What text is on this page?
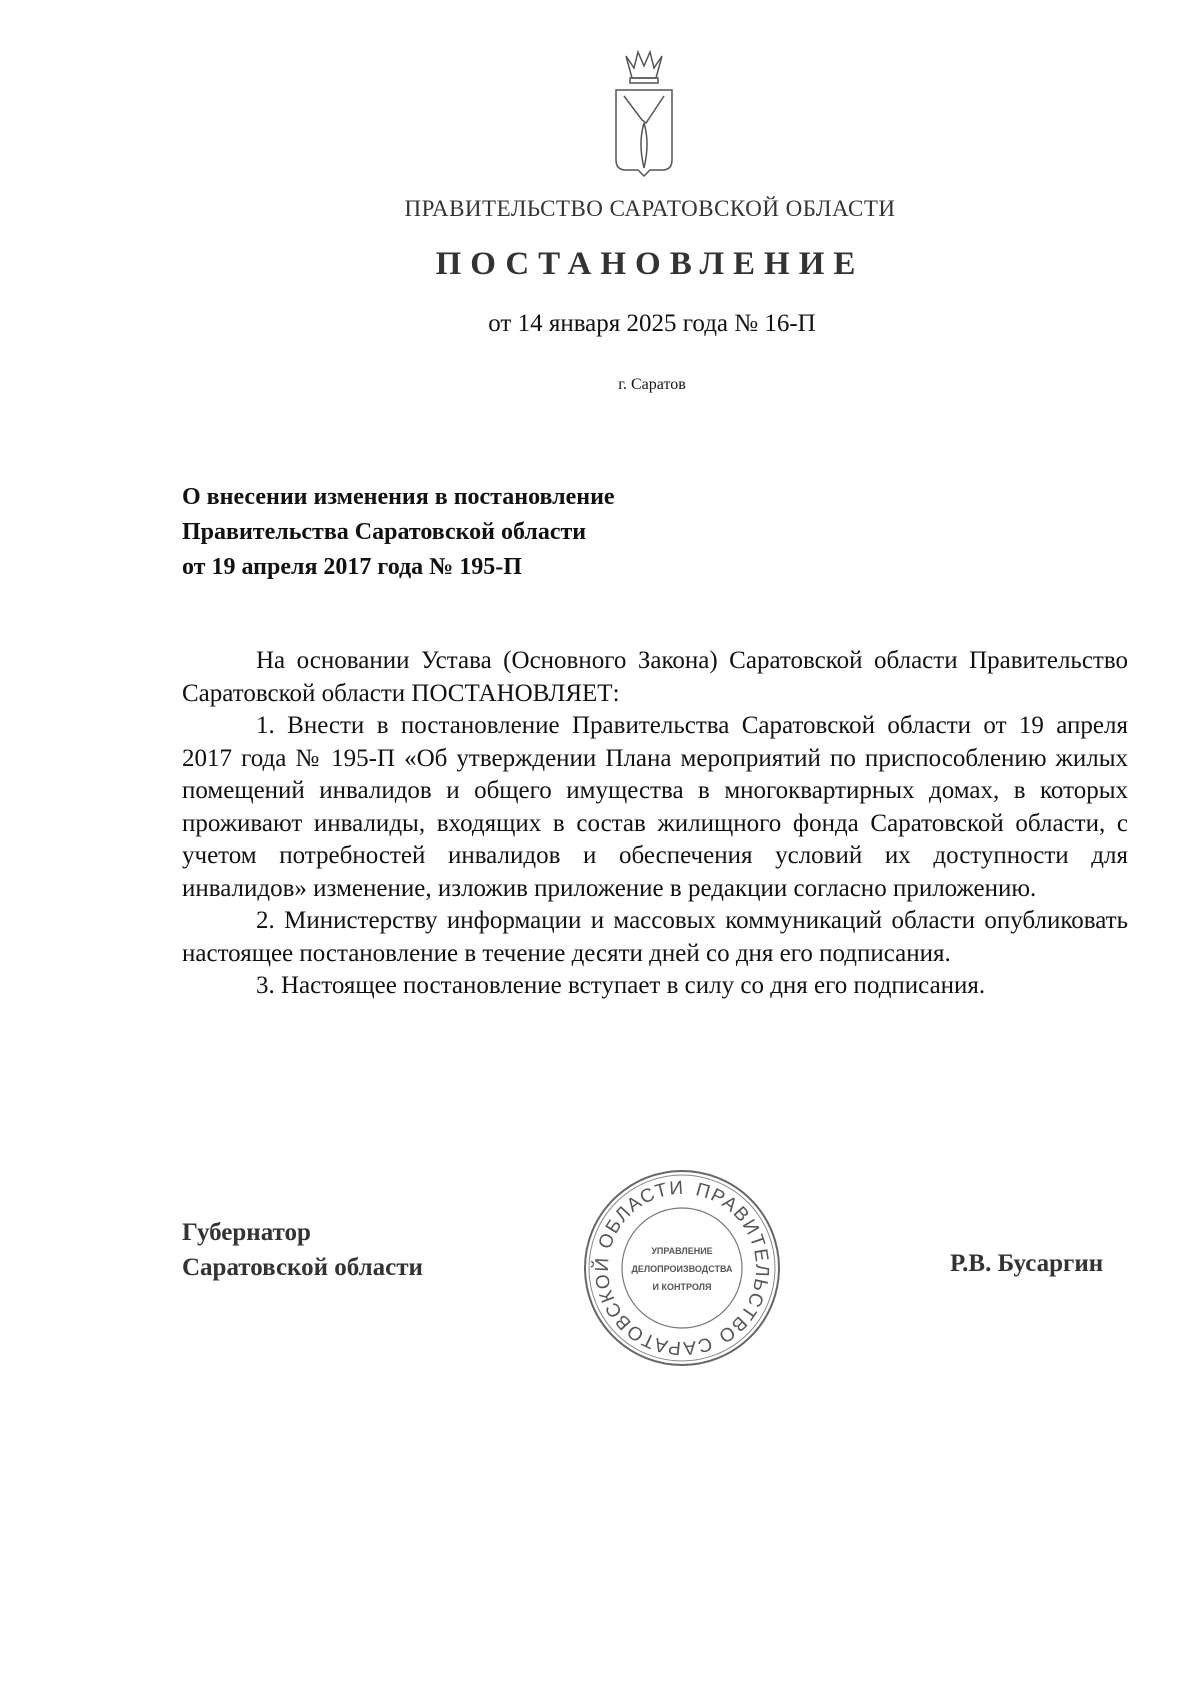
ПРАВИТЕЛЬСТВО САРАТОВСКОЙ ОБЛАСТИ
ПОСТАНОВЛЕНИЕ
от 14 января 2025 года № 16-П
г. Саратов
О внесении изменения в постановление
Правительства Саратовской области
от 19 апреля 2017 года № 195-П

На основании Устава (Основного Закона) Саратовской области Правительство Саратовской области ПОСТАНОВЛЯЕТ:

1. Внести в постановление Правительства Саратовской области от 19 апреля 2017 года № 195-П «Об утверждении Плана мероприятий по приспособлению жилых помещений инвалидов и общего имущества в многоквартирных домах, в которых проживают инвалиды, входящих в состав жилищного фонда Саратовской области, с учетом потребностей инвалидов и обеспечения условий их доступности для инвалидов» изменение, изложив приложение в редакции согласно приложению.

2. Министерству информации и массовых коммуникаций области опубликовать настоящее постановление в течение десяти дней со дня его подписания.

3. Настоящее постановление вступает в силу со дня его подписания.

Губернатор
Саратовской области	Р.В. Бусаргин
ПРАВИТЕЛЬСТВО САРАТОВСКОЙ ОБЛАСТИ
УПРАВЛЕНИЕ
ДЕЛОПРОИЗВОДСТВА
И КОНТРОЛЯ
